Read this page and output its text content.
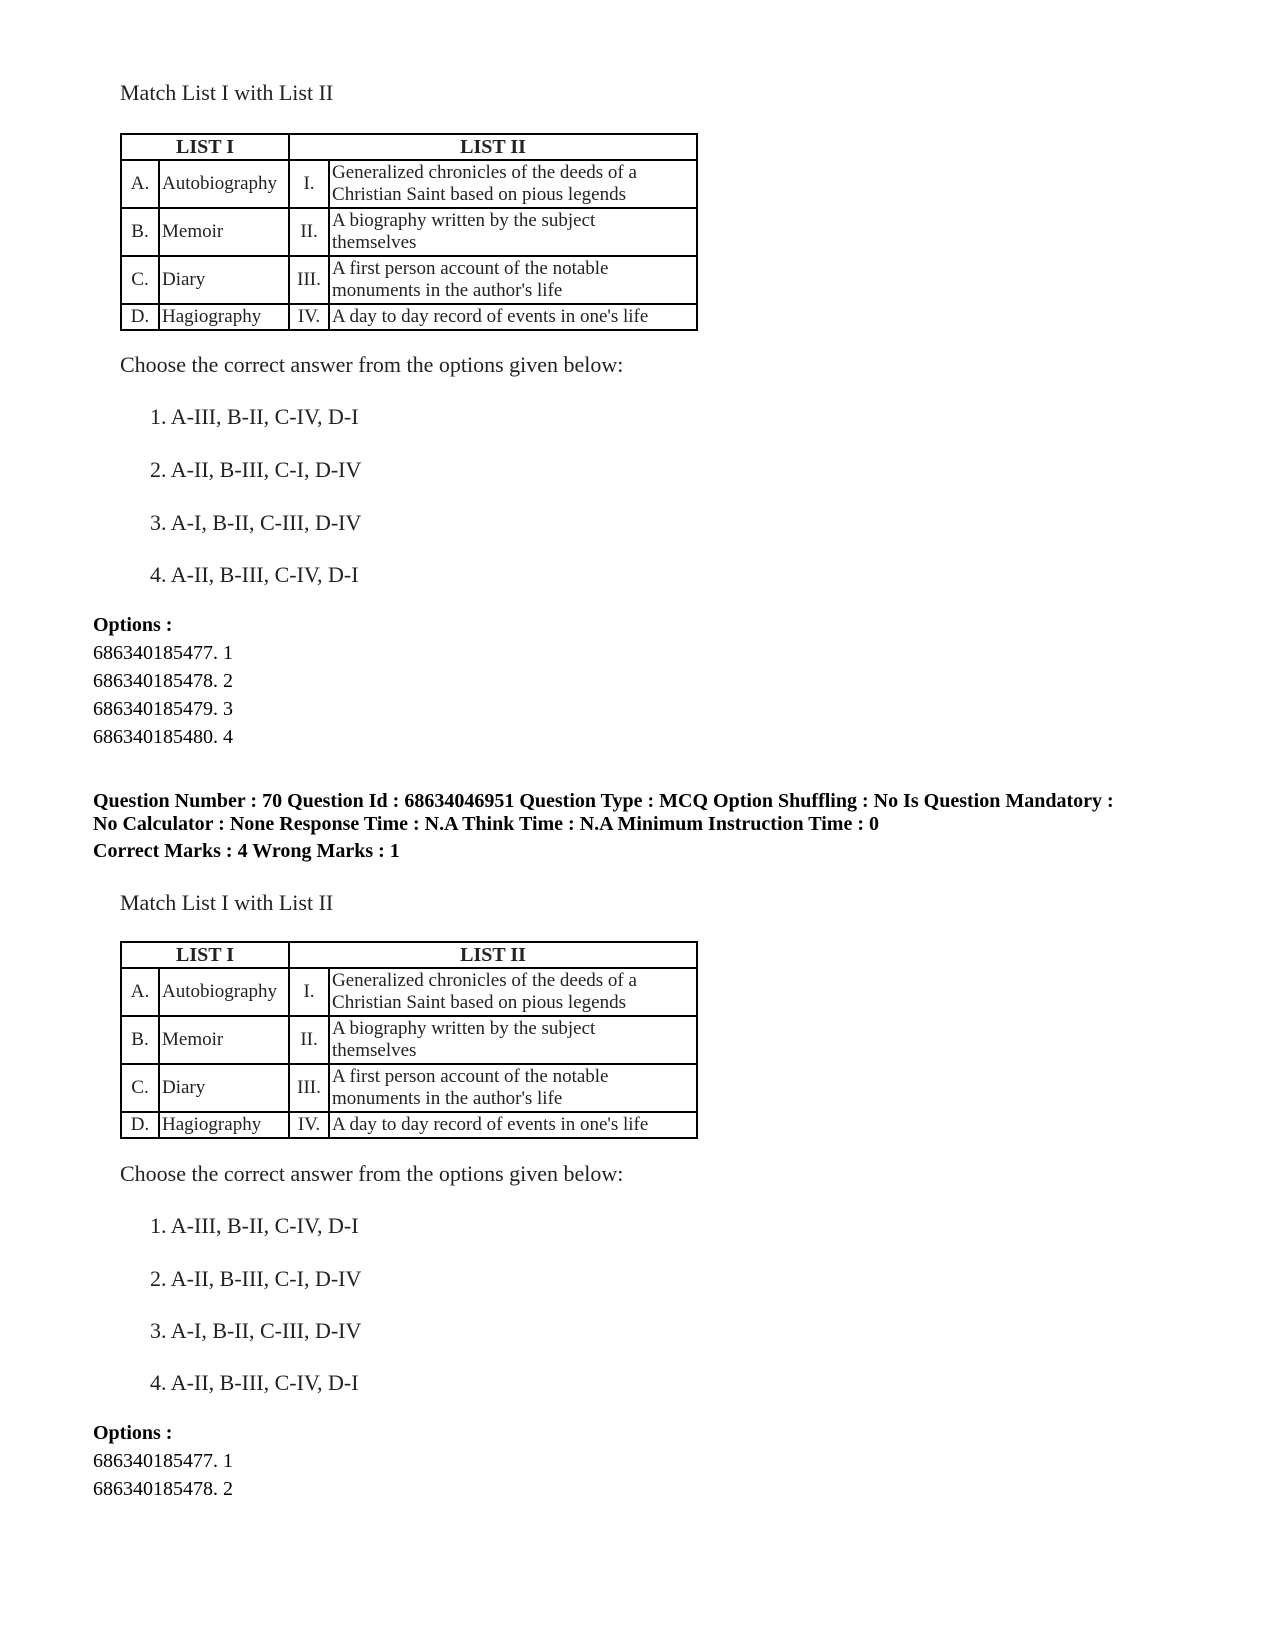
Match List I with List II
LIST I		LIST II	
A.	Autobiography	I.	Generalized chronicles of the deeds of a
Christian Saint based on pious legends
B.	Memoir	II.	A biography written by the subject
themselves
C.	Diary	III.	A first person account of the notable
monuments in the author's life
D.	Hagiography	IV.	A day to day record of events in one's life
Choose the correct answer from the options given below:
1. A-III, B-II, C-IV, D-I
2. A-II, B-III, C-I, D-IV
3. A-I, B-II, C-III, D-IV
4. A-II, B-III, C-IV, D-I
Options :
686340185477. 1
686340185478. 2
686340185479. 3
686340185480. 4
Question Number : 70 Question Id : 68634046951 Question Type : MCQ Option Shuffling : No Is Question Mandatory :
No Calculator : None Response Time : N.A Think Time : N.A Minimum Instruction Time : 0
Correct Marks : 4 Wrong Marks : 1
Match List I with List II
LIST I		LIST II	
A.	Autobiography	I.	Generalized chronicles of the deeds of a
Christian Saint based on pious legends
B.	Memoir	II.	A biography written by the subject
themselves
C.	Diary	III.	A first person account of the notable
monuments in the author's life
D.	Hagiography	IV.	A day to day record of events in one's life
Choose the correct answer from the options given below:
1. A-III, B-II, C-IV, D-I
2. A-II, B-III, C-I, D-IV
3. A-I, B-II, C-III, D-IV
4. A-II, B-III, C-IV, D-I
Options :
686340185477. 1
686340185478. 2
